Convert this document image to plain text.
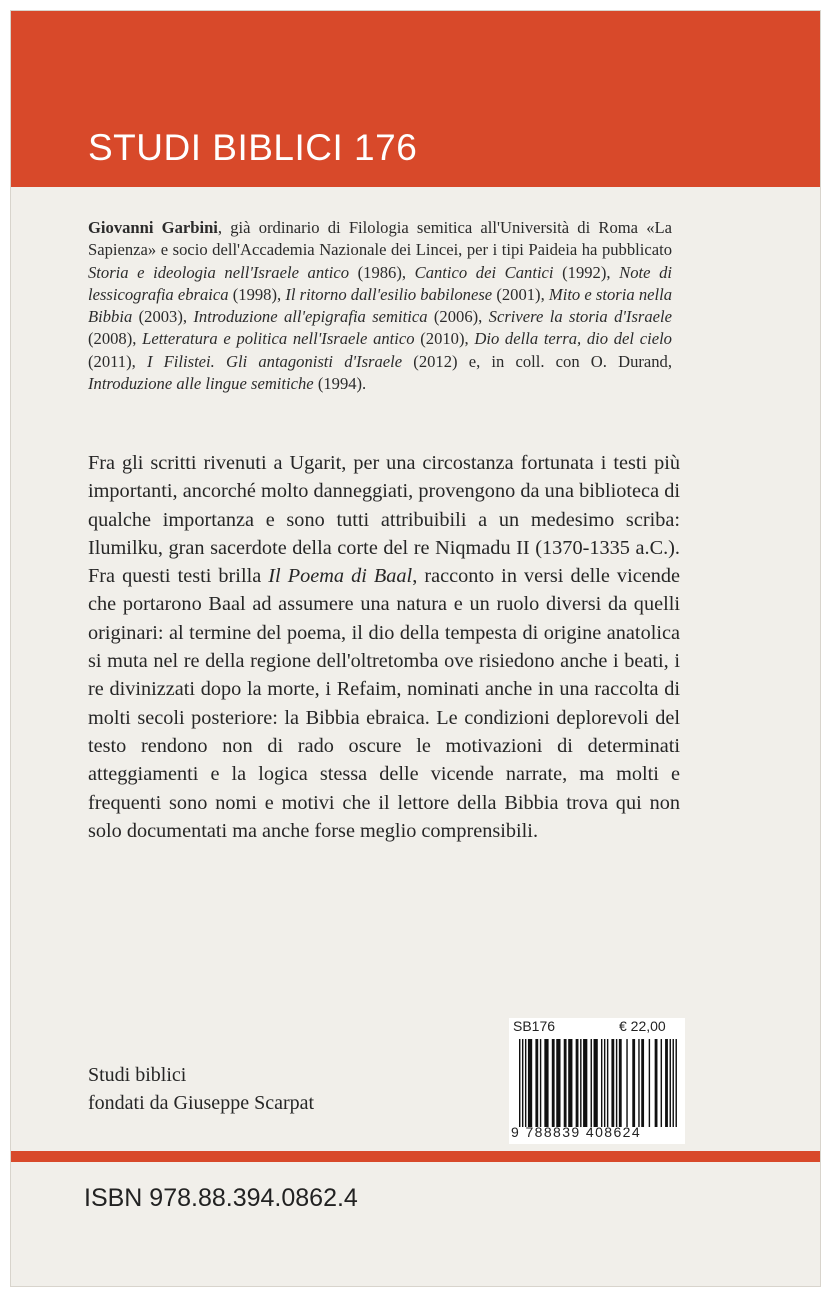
STUDI BIBLICI 176

Giovanni Garbini, già ordinario di Filologia semitica all'Università di Roma «La Sapienza» e socio dell'Accademia Nazionale dei Lincei, per i tipi Paideia ha pubblicato Storia e ideologia nell'Israele antico (1986), Cantico dei Cantici (1992), Note di lessicografia ebraica (1998), Il ritorno dall'esilio babilonese (2001), Mito e storia nella Bibbia (2003), Introduzione all'epigrafia semitica (2006), Scrivere la storia d'Israele (2008), Letteratura e politica nell'Israele antico (2010), Dio della terra, dio del cielo (2011), I Filistei. Gli antagonisti d'Israele (2012) e, in coll. con O. Durand, Introduzione alle lingue semitiche (1994).

Fra gli scritti rivenuti a Ugarit, per una circostanza fortunata i testi più importanti, ancorché molto danneggiati, provengono da una biblioteca di qualche importanza e sono tutti attribuibili a un medesimo scriba: Ilumilku, gran sacerdote della corte del re Niqmadu II (1370-1335 a.C.). Fra questi testi brilla Il Poema di Baal, racconto in versi delle vicende che portarono Baal ad assumere una natura e un ruolo diversi da quelli originari: al termine del poema, il dio della tempesta di origine anatolica si muta nel re della regione dell'oltretomba ove risiedono anche i beati, i re divinizzati dopo la morte, i Refaim, nominati anche in una raccolta di molti secoli posteriore: la Bibbia ebraica. Le condizioni deplorevoli del testo rendono non di rado oscure le motivazioni di determinati atteggiamenti e la logica stessa delle vicende narrate, ma molti e frequenti sono nomi e motivi che il lettore della Bibbia trova qui non solo documentati ma anche forse meglio comprensibili.

SB176	€ 22,00
9 788839 408624
Studi biblici
fondati da Giuseppe Scarpat
ISBN 978.88.394.0862.4
